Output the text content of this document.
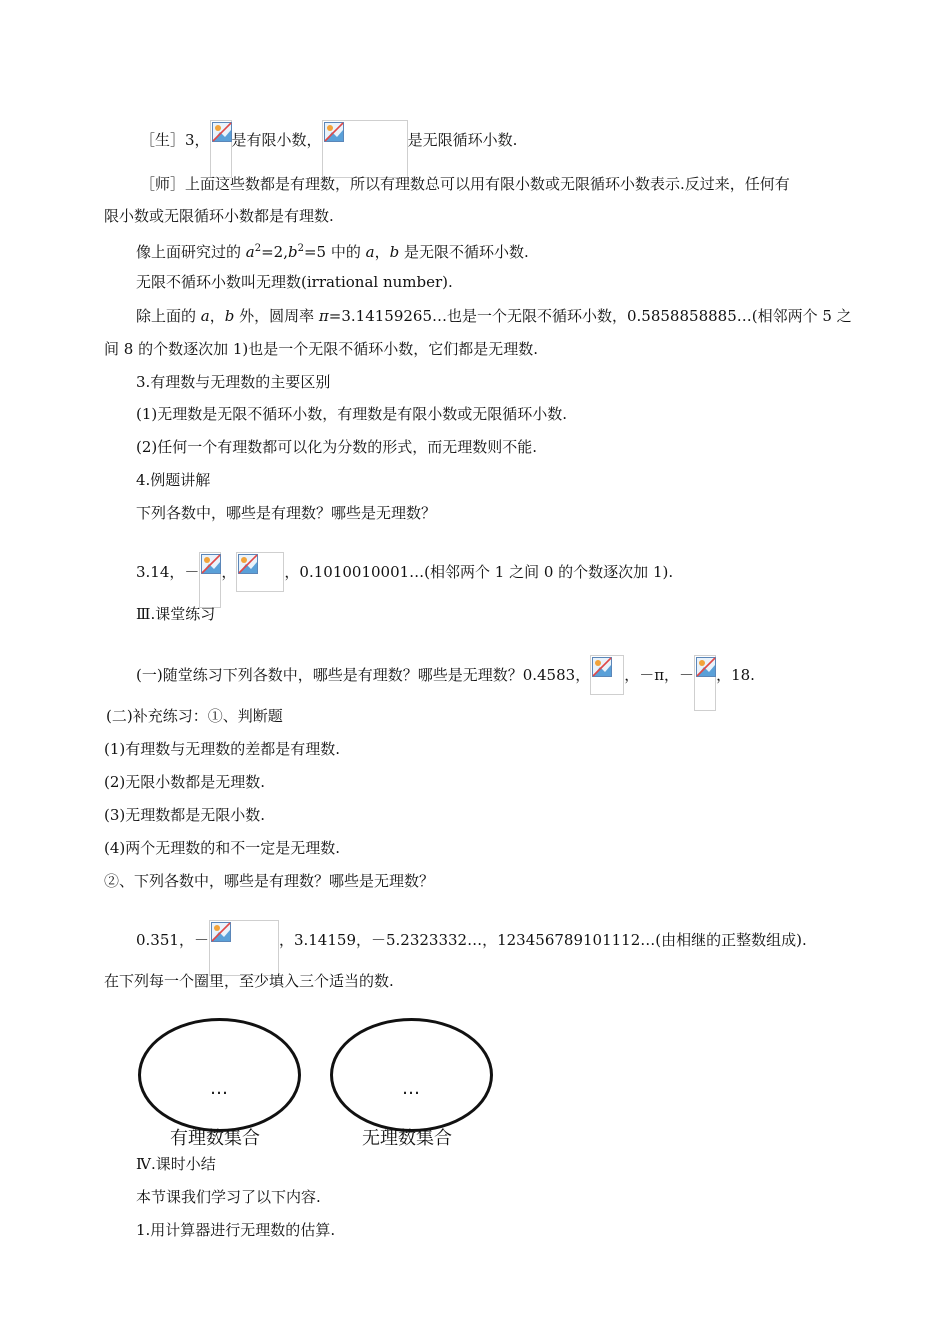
［生］3， 是有限小数，	是无限循环小数.
［师］上面这些数都是有理数，所以有理数总可以用有限小数或无限循环小数表示.反过来，任何有
限小数或无限循环小数都是有理数.
像上面研究过的 $a^2=2,b^2=5$ 中的 a，b 是无限不循环小数.
无限不循环小数叫无理数(irrational number).
除上面的 a，b 外，圆周率 π=3.14159265…也是一个无限不循环小数，0.5858858885…(相邻两个 5 之
间 8 的个数逐次加 1)也是一个无限不循环小数，它们都是无理数.
3.有理数与无理数的主要区别
(1)无理数是无限不循环小数，有理数是有限小数或无限循环小数.
(2)任何一个有理数都可以化为分数的形式，而无理数则不能.
4.例题讲解
下列各数中，哪些是有理数？哪些是无理数？
3.14，－ ，	，0.1010010001…(相邻两个 1 之间 0 的个数逐次加 1).
Ⅲ.课堂练习
(一)随堂练习下列各数中，哪些是有理数？哪些是无理数？0.4583， ，－π，－ ，18.
(二)补充练习：①、判断题
(1)有理数与无理数的差都是有理数.
(2)无限小数都是无理数.
(3)无理数都是无限小数.
(4)两个无理数的和不一定是无理数.
②、下列各数中，哪些是有理数？哪些是无理数？
0.351，－	，3.14159，－5.2323332…，123456789101112…(由相继的正整数组成).
在下列每一个圈里，至少填入三个适当的数.
…
有理数集合
…
无理数集合
Ⅳ.课时小结
本节课我们学习了以下内容.
1.用计算器进行无理数的估算.
